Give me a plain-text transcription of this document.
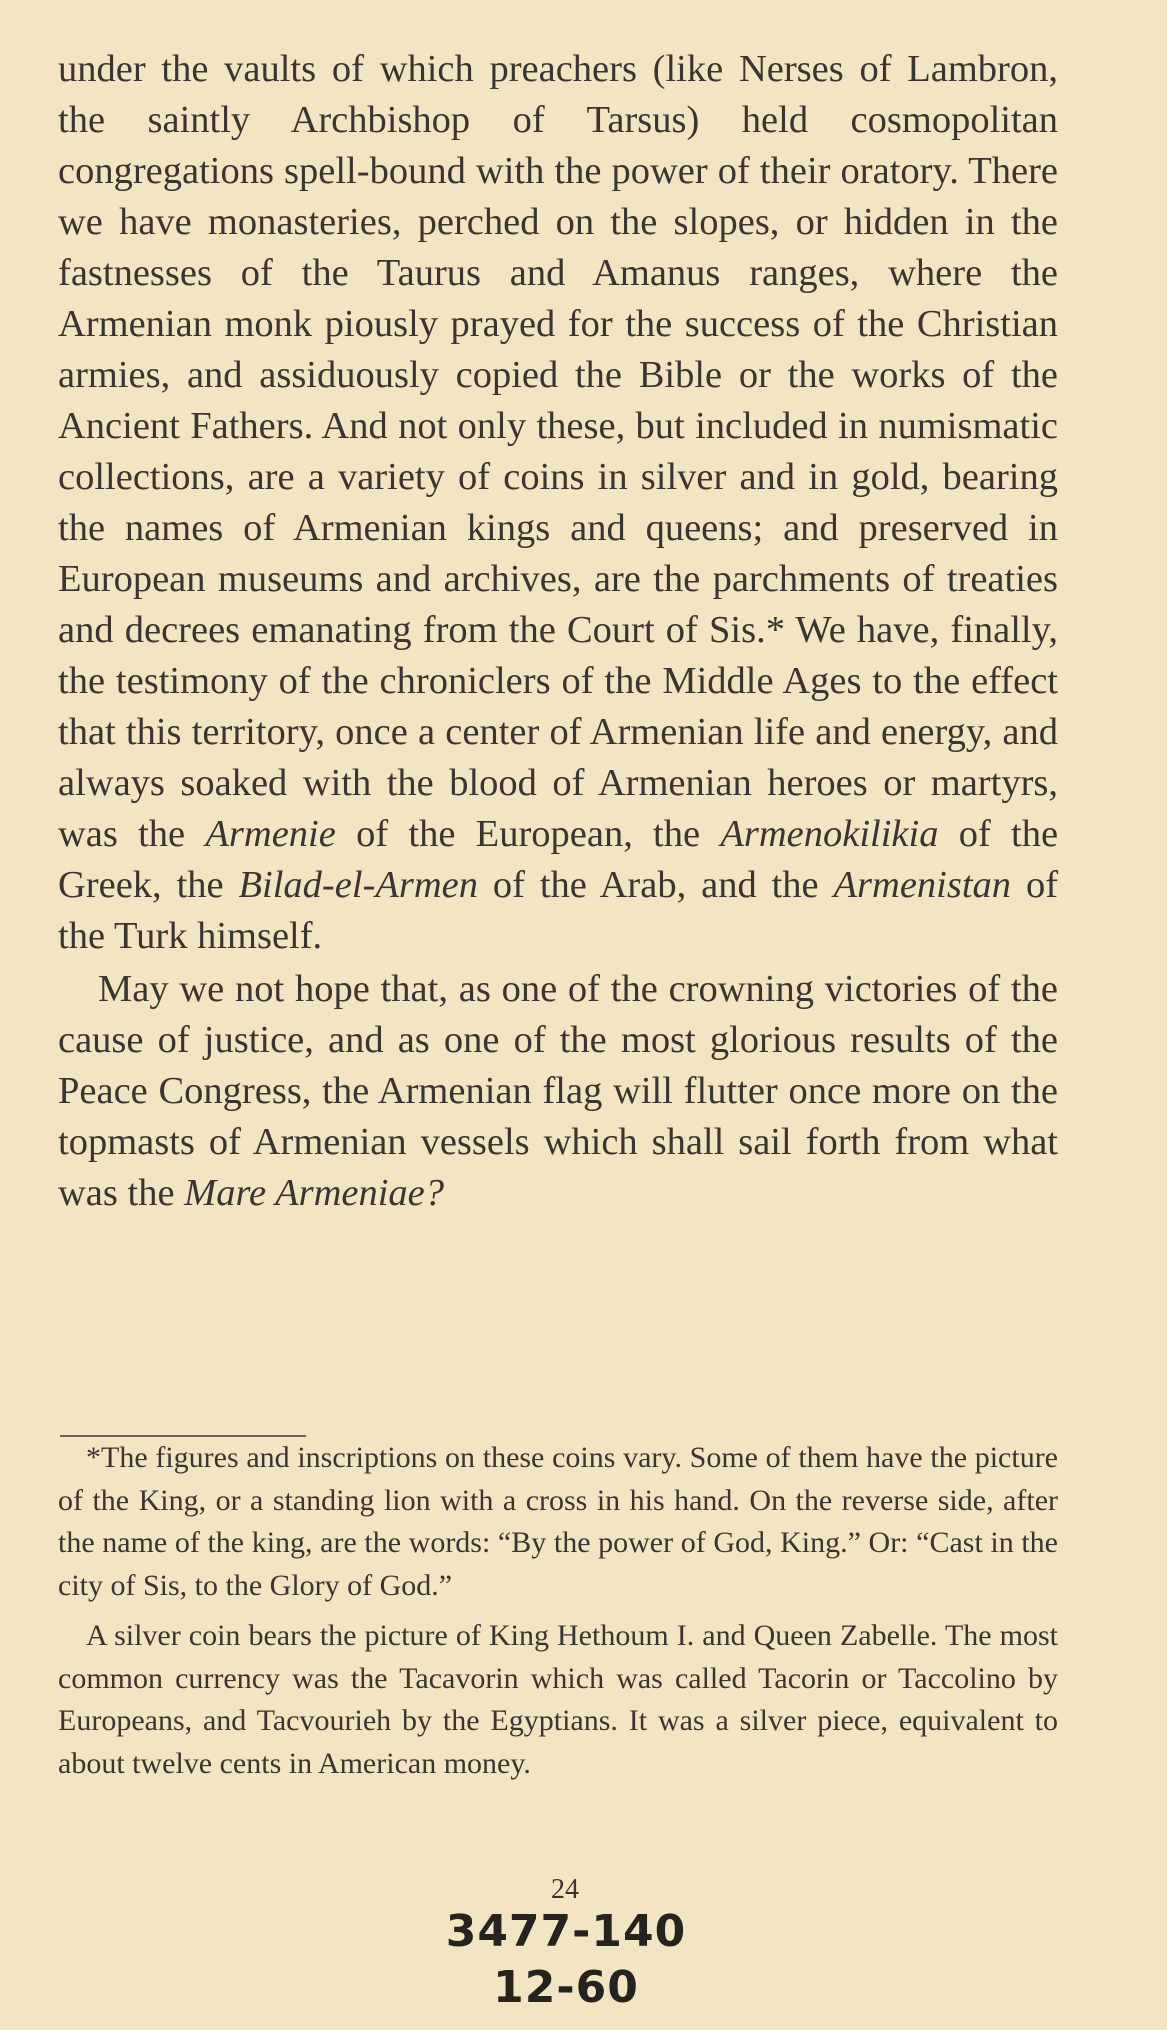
under the vaults of which preachers (like Nerses of Lambron, the saintly Archbishop of Tarsus) held cosmopolitan congregations spell-bound with the power of their oratory. There we have monasteries, perched on the slopes, or hidden in the fastnesses of the Taurus and Amanus ranges, where the Armenian monk piously prayed for the success of the Christian armies, and assiduously copied the Bible or the works of the Ancient Fathers. And not only these, but included in numismatic collections, are a variety of coins in silver and in gold, bearing the names of Armenian kings and queens; and preserved in European museums and archives, are the parchments of treaties and decrees emanating from the Court of Sis.* We have, finally, the testimony of the chroniclers of the Middle Ages to the effect that this territory, once a center of Armenian life and energy, and always soaked with the blood of Armenian heroes or martyrs, was the Armenie of the European, the Armenokilikia of the Greek, the Bilad-el-Armen of the Arab, and the Armenistan of the Turk himself.

May we not hope that, as one of the crowning victories of the cause of justice, and as one of the most glorious results of the Peace Congress, the Armenian flag will flutter once more on the topmasts of Armenian vessels which shall sail forth from what was the Mare Armeniae?

*The figures and inscriptions on these coins vary. Some of them have the picture of the King, or a standing lion with a cross in his hand. On the reverse side, after the name of the king, are the words: “By the power of God, King.” Or: “Cast in the city of Sis, to the Glory of God.”

A silver coin bears the picture of King Hethoum I. and Queen Zabelle. The most common currency was the Tacavorin which was called Tacorin or Taccolino by Europeans, and Tacvourieh by the Egyptians. It was a silver piece, equivalent to about twelve cents in American money.

24
3477-140
12-60
